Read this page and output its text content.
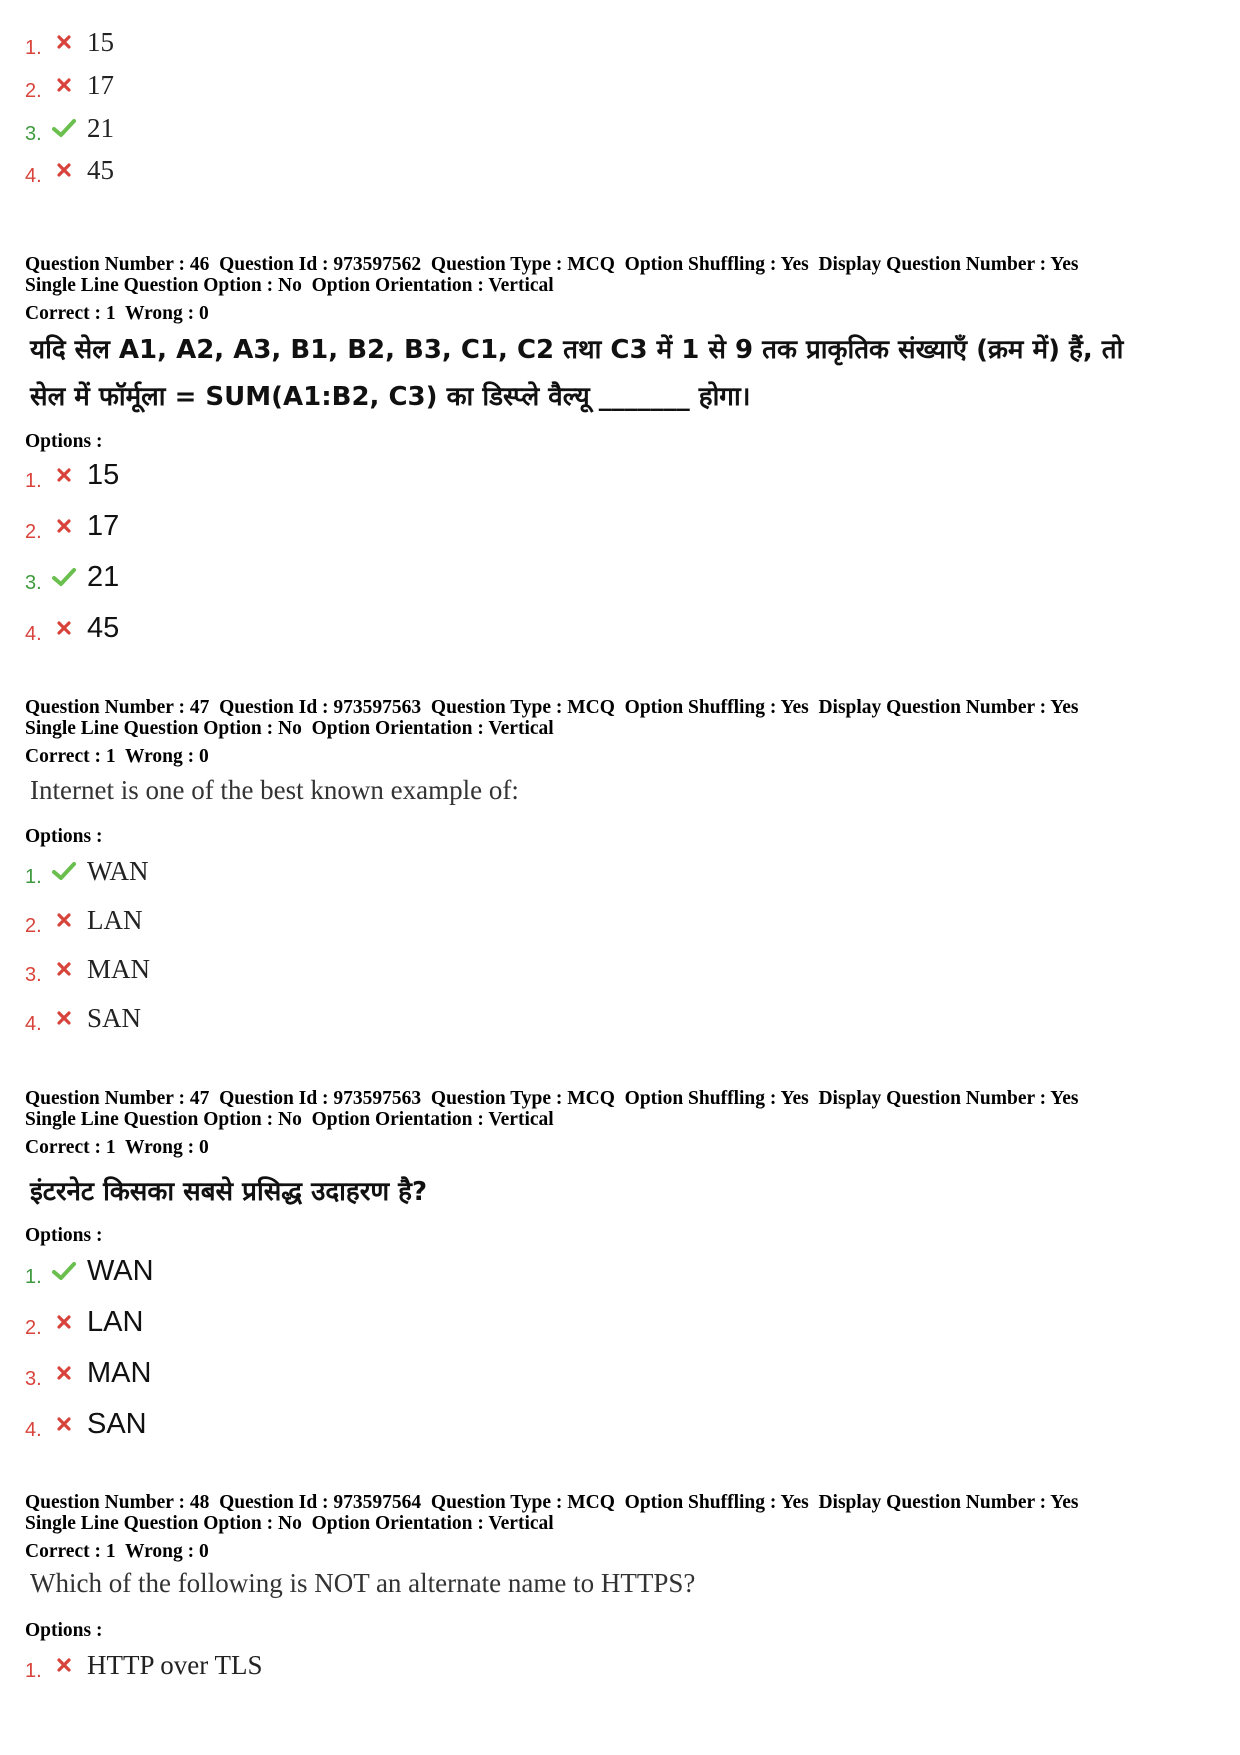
1.	15
2.	17
3.	21
4.	45
Question Number : 46  Question Id : 973597562  Question Type : MCQ  Option Shuffling : Yes  Display Question Number : Yes
Single Line Question Option : No  Option Orientation : Vertical
Correct : 1  Wrong : 0
यदि सेल A1, A2, A3, B1, B2, B3, C1, C2 तथा C3 में 1 से 9 तक प्राकृतिक संख्याएँ (क्रम में) हैं, तो
सेल में फॉर्मूला = SUM(A1:B2, C3) का डिस्प्ले वैल्यू _______ होगा।
Options :
1.	15
2.	17
3.	21
4.	45
Question Number : 47  Question Id : 973597563  Question Type : MCQ  Option Shuffling : Yes  Display Question Number : Yes
Single Line Question Option : No  Option Orientation : Vertical
Correct : 1  Wrong : 0
Internet is one of the best known example of:
Options :
1.	WAN
2.	LAN
3.	MAN
4.	SAN
Question Number : 47  Question Id : 973597563  Question Type : MCQ  Option Shuffling : Yes  Display Question Number : Yes
Single Line Question Option : No  Option Orientation : Vertical
Correct : 1  Wrong : 0
इंटरनेट किसका सबसे प्रसिद्ध उदाहरण है?
Options :
1.	WAN
2.	LAN
3.	MAN
4.	SAN
Question Number : 48  Question Id : 973597564  Question Type : MCQ  Option Shuffling : Yes  Display Question Number : Yes
Single Line Question Option : No  Option Orientation : Vertical
Correct : 1  Wrong : 0
Which of the following is NOT an alternate name to HTTPS?
Options :
1.	HTTP over TLS
